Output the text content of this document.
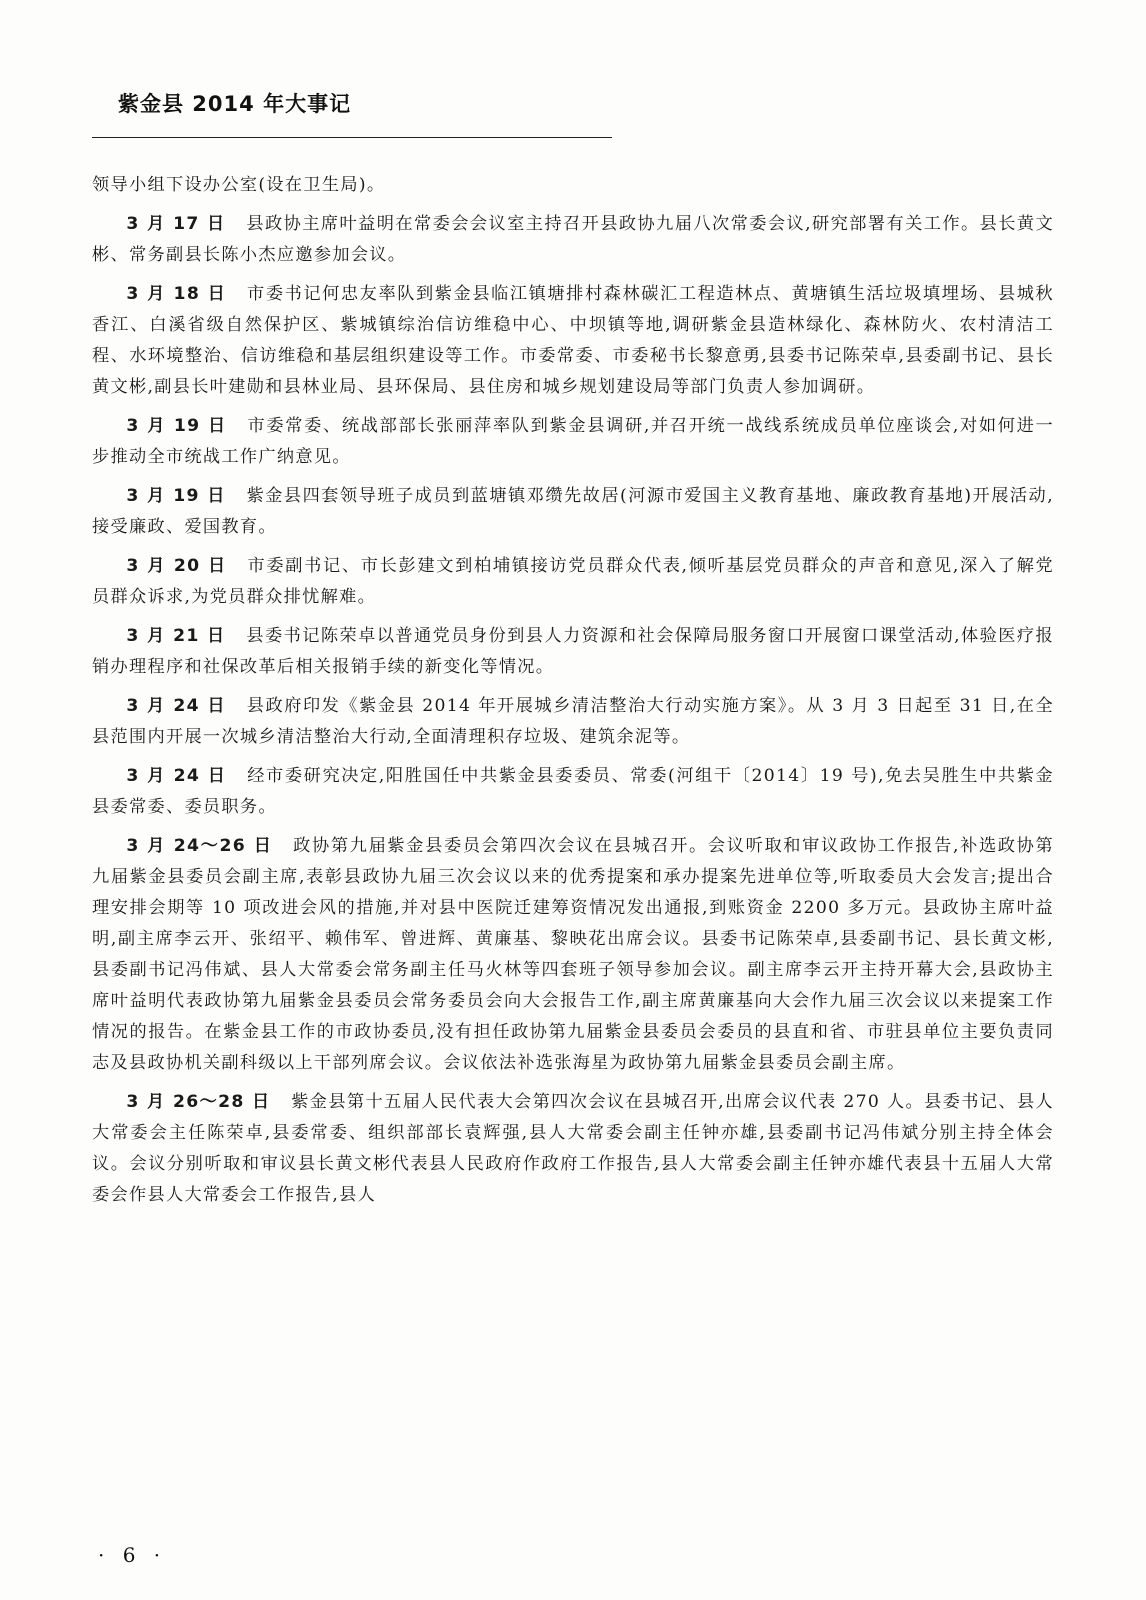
紫金县 2014 年大事记

领导小组下设办公室(设在卫生局)。

3 月 17 日 县政协主席叶益明在常委会会议室主持召开县政协九届八次常委会议,研究部署有关工作。县长黄文彬、常务副县长陈小杰应邀参加会议。

3 月 18 日 市委书记何忠友率队到紫金县临江镇塘排村森林碳汇工程造林点、黄塘镇生活垃圾填埋场、县城秋香江、白溪省级自然保护区、紫城镇综治信访维稳中心、中坝镇等地,调研紫金县造林绿化、森林防火、农村清洁工程、水环境整治、信访维稳和基层组织建设等工作。市委常委、市委秘书长黎意勇,县委书记陈荣卓,县委副书记、县长黄文彬,副县长叶建勋和县林业局、县环保局、县住房和城乡规划建设局等部门负责人参加调研。

3 月 19 日 市委常委、统战部部长张丽萍率队到紫金县调研,并召开统一战线系统成员单位座谈会,对如何进一步推动全市统战工作广纳意见。

3 月 19 日 紫金县四套领导班子成员到蓝塘镇邓缵先故居(河源市爱国主义教育基地、廉政教育基地)开展活动,接受廉政、爱国教育。

3 月 20 日 市委副书记、市长彭建文到柏埔镇接访党员群众代表,倾听基层党员群众的声音和意见,深入了解党员群众诉求,为党员群众排忧解难。

3 月 21 日 县委书记陈荣卓以普通党员身份到县人力资源和社会保障局服务窗口开展窗口课堂活动,体验医疗报销办理程序和社保改革后相关报销手续的新变化等情况。

3 月 24 日 县政府印发《紫金县 2014 年开展城乡清洁整治大行动实施方案》。从 3 月 3 日起至 31 日,在全县范围内开展一次城乡清洁整治大行动,全面清理积存垃圾、建筑余泥等。

3 月 24 日 经市委研究决定,阳胜国任中共紫金县委委员、常委(河组干〔2014〕19 号),免去吴胜生中共紫金县委常委、委员职务。

3 月 24～26 日 政协第九届紫金县委员会第四次会议在县城召开。会议听取和审议政协工作报告,补选政协第九届紫金县委员会副主席,表彰县政协九届三次会议以来的优秀提案和承办提案先进单位等,听取委员大会发言;提出合理安排会期等 10 项改进会风的措施,并对县中医院迁建筹资情况发出通报,到账资金 2200 多万元。县政协主席叶益明,副主席李云开、张绍平、赖伟军、曾进辉、黄廉基、黎映花出席会议。县委书记陈荣卓,县委副书记、县长黄文彬,县委副书记冯伟斌、县人大常委会常务副主任马火林等四套班子领导参加会议。副主席李云开主持开幕大会,县政协主席叶益明代表政协第九届紫金县委员会常务委员会向大会报告工作,副主席黄廉基向大会作九届三次会议以来提案工作情况的报告。在紫金县工作的市政协委员,没有担任政协第九届紫金县委员会委员的县直和省、市驻县单位主要负责同志及县政协机关副科级以上干部列席会议。会议依法补选张海星为政协第九届紫金县委员会副主席。

3 月 26～28 日 紫金县第十五届人民代表大会第四次会议在县城召开,出席会议代表 270 人。县委书记、县人大常委会主任陈荣卓,县委常委、组织部部长袁辉强,县人大常委会副主任钟亦雄,县委副书记冯伟斌分别主持全体会议。会议分别听取和审议县长黄文彬代表县人民政府作政府工作报告,县人大常委会副主任钟亦雄代表县十五届人大常委会作县人大常委会工作报告,县人

· 6 ·
